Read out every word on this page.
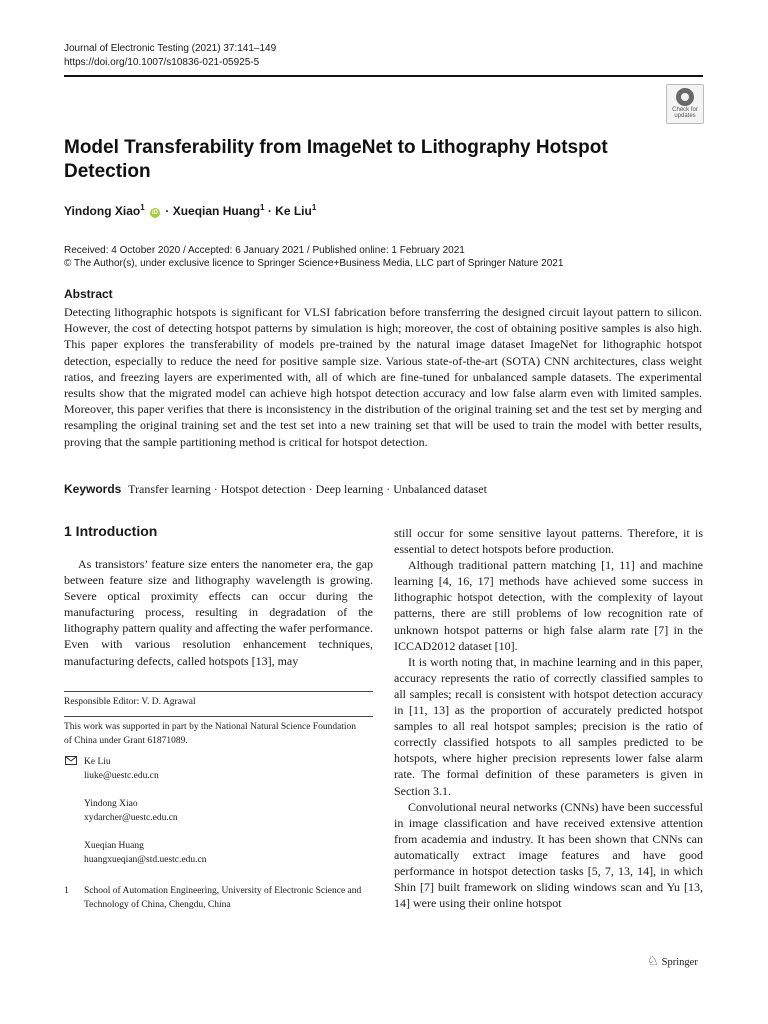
Journal of Electronic Testing (2021) 37:141–149
https://doi.org/10.1007/s10836-021-05925-5
Check for updates
Model Transferability from ImageNet to Lithography Hotspot Detection
Yindong Xiao$^1$ iD · Xueqian Huang$^1$ · Ke Liu$^1$
Received: 4 October 2020 / Accepted: 6 January 2021 / Published online: 1 February 2021
© The Author(s), under exclusive licence to Springer Science+Business Media, LLC part of Springer Nature 2021
Abstract
Detecting lithographic hotspots is significant for VLSI fabrication before transferring the designed circuit layout pattern to silicon. However, the cost of detecting hotspot patterns by simulation is high; moreover, the cost of obtaining positive samples is also high. This paper explores the transferability of models pre-trained by the natural image dataset ImageNet for lithographic hotspot detection, especially to reduce the need for positive sample size. Various state-of-the-art (SOTA) CNN architectures, class weight ratios, and freezing layers are experimented with, all of which are fine-tuned for unbalanced sample datasets. The experimental results show that the migrated model can achieve high hotspot detection accuracy and low false alarm even with limited samples. Moreover, this paper verifies that there is inconsistency in the distribution of the original training set and the test set by merging and resampling the original training set and the test set into a new training set that will be used to train the model with better results, proving that the sample partitioning method is critical for hotspot detection.
Keywords Transfer learning · Hotspot detection · Deep learning · Unbalanced dataset
1 Introduction

As transistors’ feature size enters the nanometer era, the gap between feature size and lithography wavelength is growing. Severe optical proximity effects can occur during the manufacturing process, resulting in degradation of the lithography pattern quality and affecting the wafer performance. Even with various resolution enhancement techniques, manufacturing defects, called hotspots [13], may

Responsible Editor: V. D. Agrawal
This work was supported in part by the National Natural Science Foundation of China under Grant 61871089.
Ke Liu
liuke@uestc.edu.cn
Yindong Xiao
xydarcher@uestc.edu.cn
Xueqian Huang
huangxueqian@std.uestc.edu.cn
1 School of Automation Engineering, University of Electronic Science and Technology of China, Chengdu, China

still occur for some sensitive layout patterns. Therefore, it is essential to detect hotspots before production.

Although traditional pattern matching [1, 11] and machine learning [4, 16, 17] methods have achieved some success in lithographic hotspot detection, with the complexity of layout patterns, there are still problems of low recognition rate of unknown hotspot patterns or high false alarm rate [7] in the ICCAD2012 dataset [10].

It is worth noting that, in machine learning and in this paper, accuracy represents the ratio of correctly classified samples to all samples; recall is consistent with hotspot detection accuracy in [11, 13] as the proportion of accurately predicted hotspot samples to all real hotspot samples; precision is the ratio of correctly classified hotspots to all samples predicted to be hotspots, where higher precision represents lower false alarm rate. The formal definition of these parameters is given in Section 3.1.

Convolutional neural networks (CNNs) have been successful in image classification and have received extensive attention from academia and industry. It has been shown that CNNs can automatically extract image features and have good performance in hotspot detection tasks [5, 7, 13, 14], in which Shin [7] built framework on sliding windows scan and Yu [13, 14] were using their online hotspot

♘ Springer
